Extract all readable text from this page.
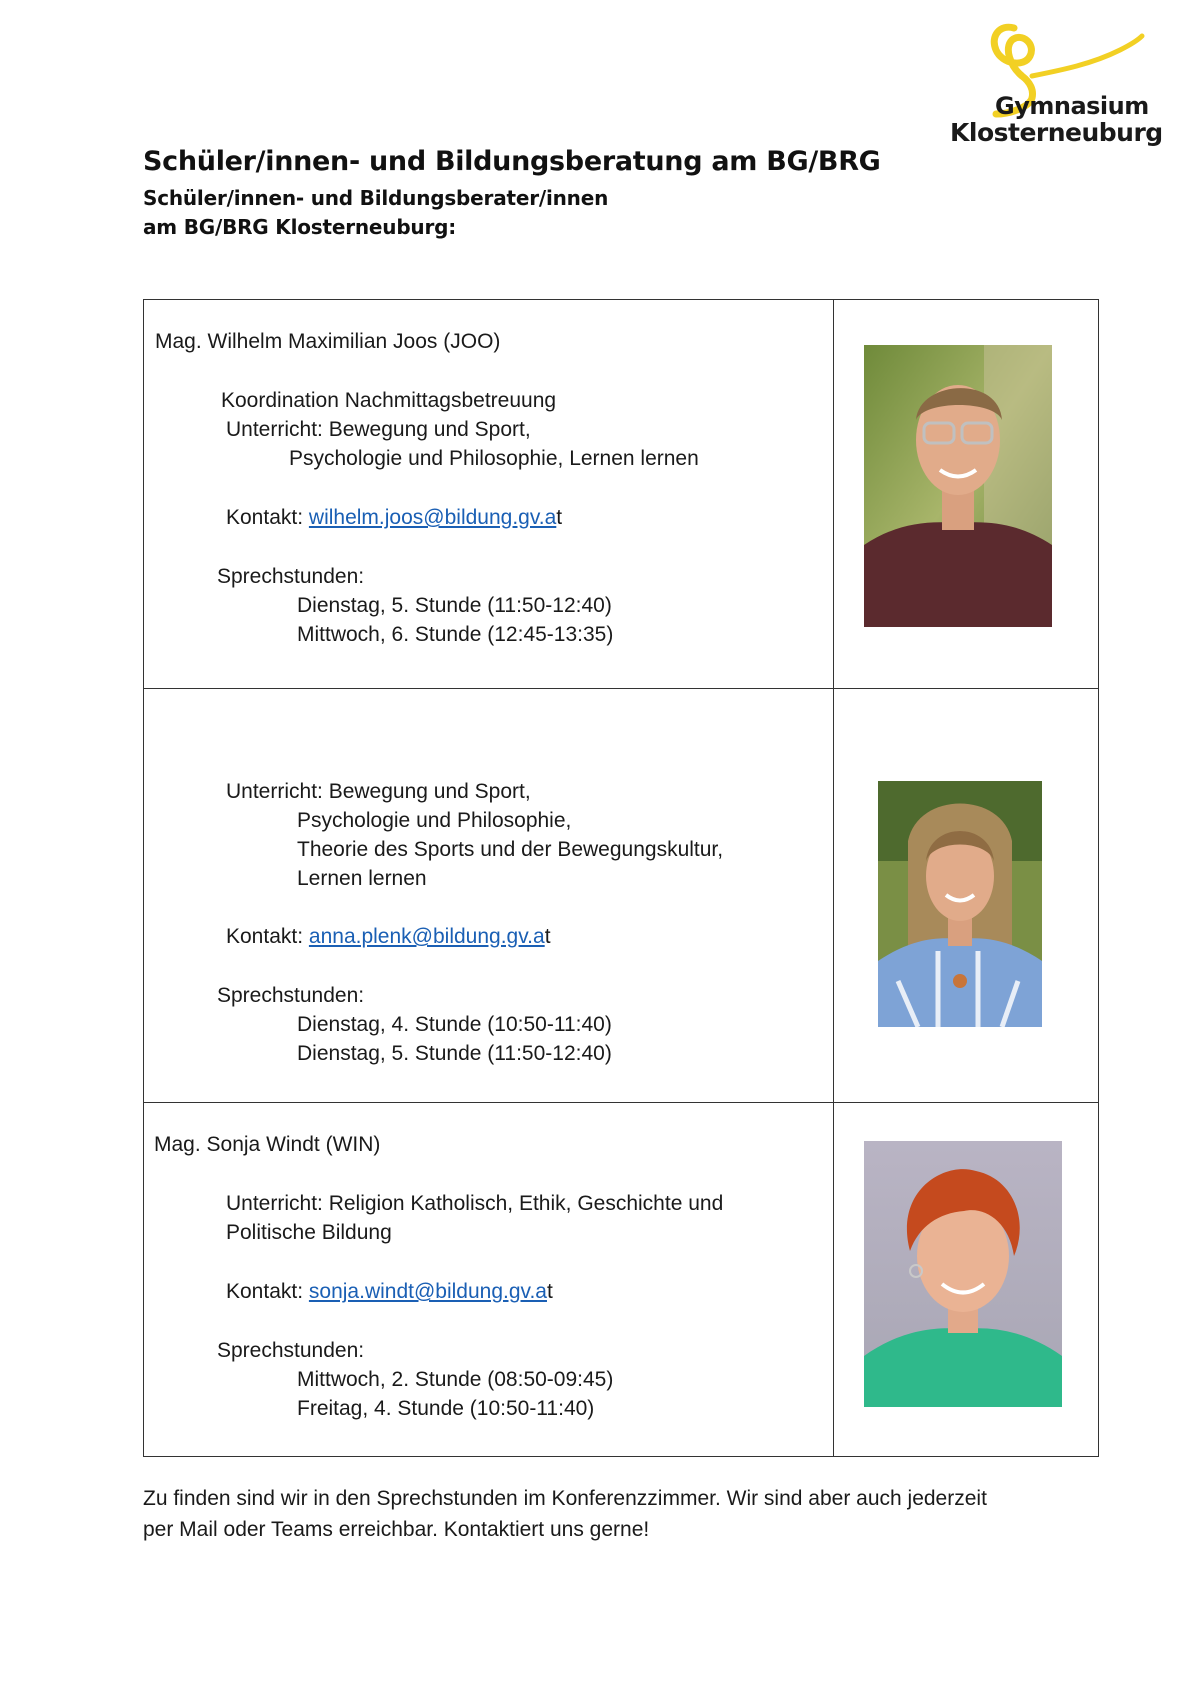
Gymnasium
Klosterneuburg
Schüler/innen- und Bildungsberatung am BG/BRG
Schüler/innen- und Bildungsberater/innen
am BG/BRG Klosterneuburg:
Mag. Wilhelm Maximilian Joos (JOO)
Koordination Nachmittagsbetreuung
Unterricht: Bewegung und Sport,
Psychologie und Philosophie, Lernen lernen
Kontakt: wilhelm.joos@bildung.gv.at
Sprechstunden:
Dienstag, 5. Stunde (11:50-12:40)
Mittwoch, 6. Stunde (12:45-13:35)
Unterricht: Bewegung und Sport,
Psychologie und Philosophie,
Theorie des Sports und der Bewegungskultur,
Lernen lernen
Kontakt: anna.plenk@bildung.gv.at
Sprechstunden:
Dienstag, 4. Stunde (10:50-11:40)
Dienstag, 5. Stunde (11:50-12:40)
Mag. Sonja Windt (WIN)
Unterricht: Religion Katholisch, Ethik, Geschichte und
Politische Bildung
Kontakt: sonja.windt@bildung.gv.at
Sprechstunden:
Mittwoch, 2. Stunde (08:50-09:45)
Freitag, 4. Stunde (10:50-11:40)
Zu finden sind wir in den Sprechstunden im Konferenzzimmer. Wir sind aber auch jederzeit
per Mail oder Teams erreichbar. Kontaktiert uns gerne!
